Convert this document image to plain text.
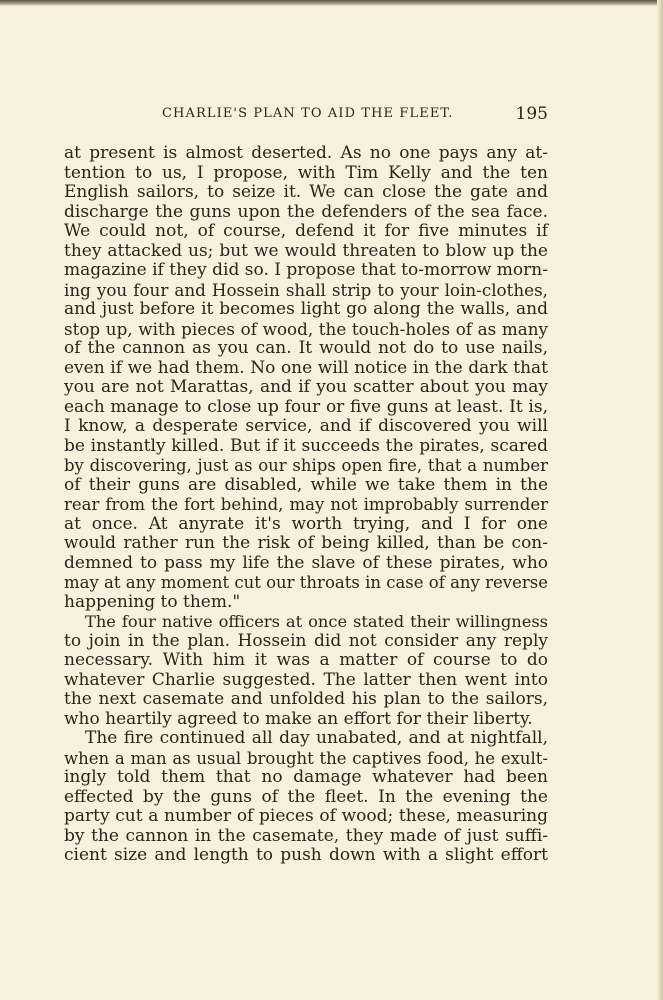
CHARLIE'S PLAN TO AID THE FLEET.	195
at present is almost deserted. As no one pays any at-
tention to us, I propose, with Tim Kelly and the ten
English sailors, to seize it. We can close the gate and
discharge the guns upon the defenders of the sea face.
We could not, of course, defend it for five minutes if
they attacked us; but we would threaten to blow up the
magazine if they did so. I propose that to-morrow morn-
ing you four and Hossein shall strip to your loin-clothes,
and just before it becomes light go along the walls, and
stop up, with pieces of wood, the touch-holes of as many
of the cannon as you can. It would not do to use nails,
even if we had them. No one will notice in the dark that
you are not Marattas, and if you scatter about you may
each manage to close up four or five guns at least. It is,
I know, a desperate service, and if discovered you will
be instantly killed. But if it succeeds the pirates, scared
by discovering, just as our ships open fire, that a number
of their guns are disabled, while we take them in the
rear from the fort behind, may not improbably surrender
at once. At anyrate it's worth trying, and I for one
would rather run the risk of being killed, than be con-
demned to pass my life the slave of these pirates, who
may at any moment cut our throats in case of any reverse
happening to them."
The four native officers at once stated their willingness
to join in the plan. Hossein did not consider any reply
necessary. With him it was a matter of course to do
whatever Charlie suggested. The latter then went into
the next casemate and unfolded his plan to the sailors,
who heartily agreed to make an effort for their liberty.
The fire continued all day unabated, and at nightfall,
when a man as usual brought the captives food, he exult-
ingly told them that no damage whatever had been
effected by the guns of the fleet. In the evening the
party cut a number of pieces of wood; these, measuring
by the cannon in the casemate, they made of just suffi-
cient size and length to push down with a slight effort
